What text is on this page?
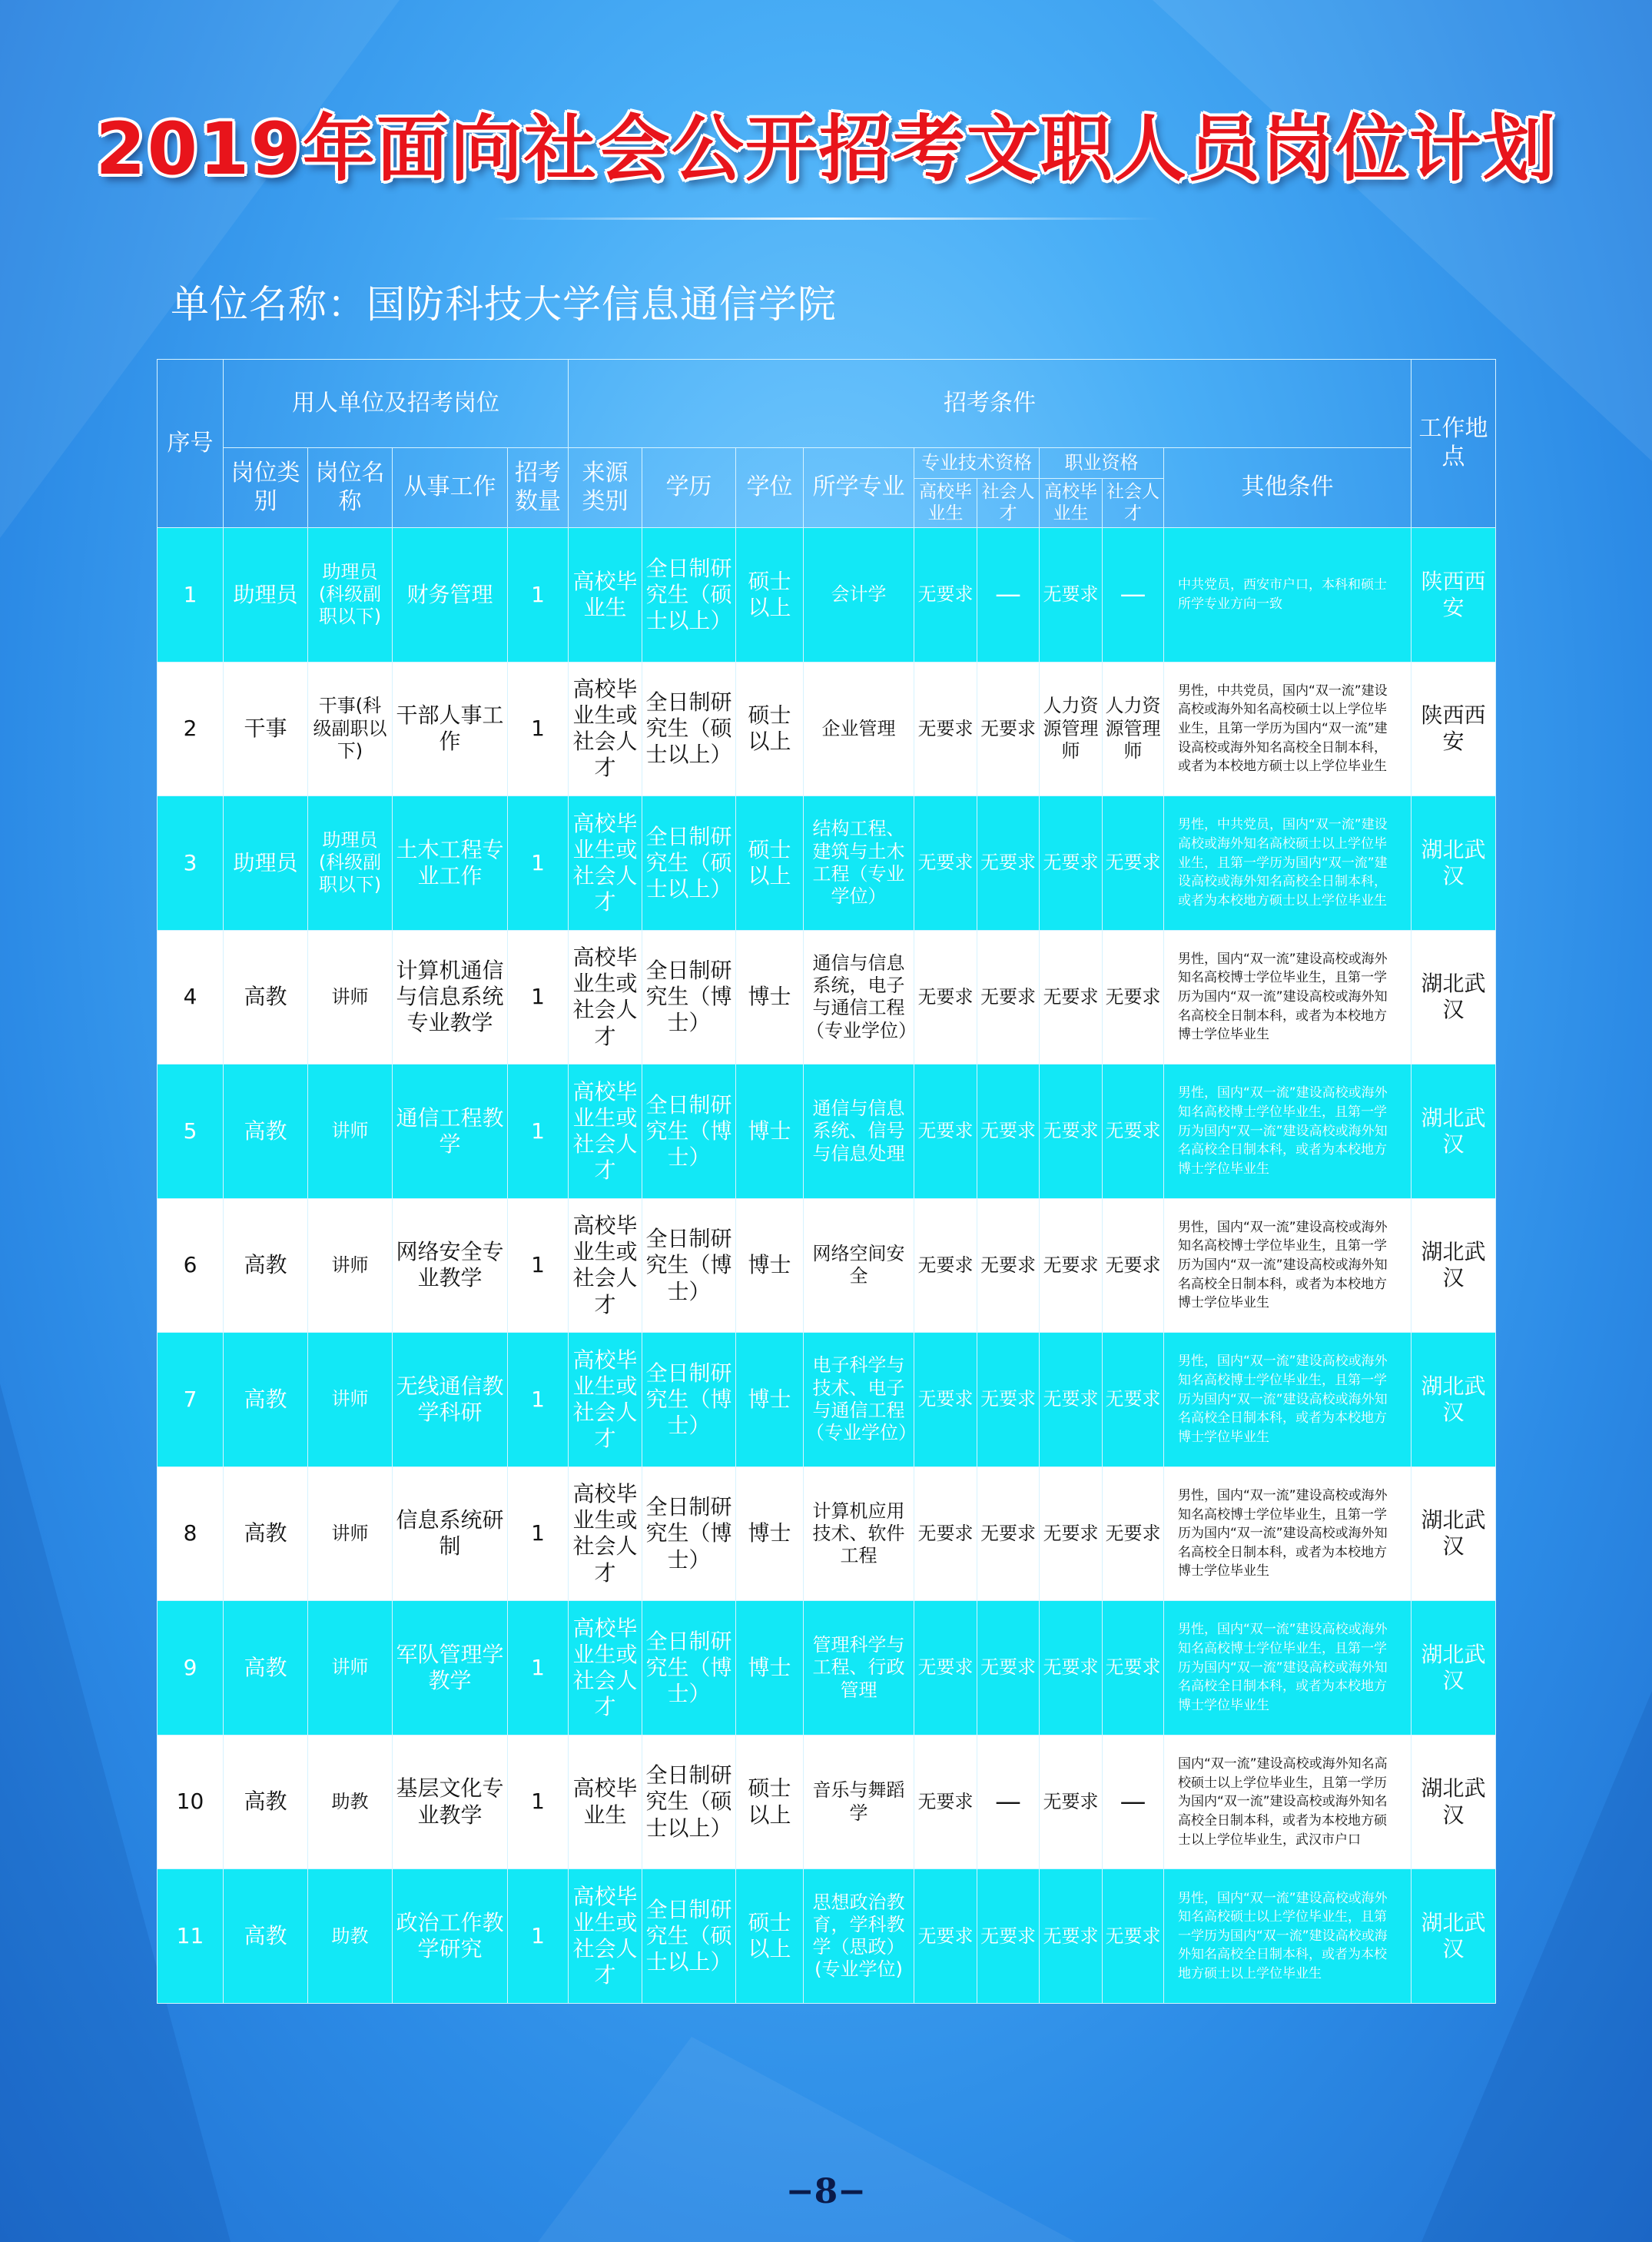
2019年面向社会公开招考文职人员岗位计划
单位名称：国防科技大学信息通信学院
序号	用人单位及招考岗位				招考条件									工作地点
	岗位类别	岗位名称	从事工作	招考数量	来源类别	学历	学位	所学专业	专业技术资格		职业资格		其他条件	
									高校毕业生	社会人才	高校毕业生	社会人才		
1	助理员	助理员(科级副职以下)	财务管理	1	高校毕业生	全日制研究生（硕士以上）	硕士以上	会计学	无要求	—	无要求	—	中共党员，西安市户口，本科和硕士所学专业方向一致	陕西西安
2	干事	干事(科级副职以下)	干部人事工作	1	高校毕业生或社会人才	全日制研究生（硕士以上）	硕士以上	企业管理	无要求	无要求	人力资源管理师	人力资源管理师	男性，中共党员，国内“双一流”建设高校或海外知名高校硕士以上学位毕业生，且第一学历为国内“双一流”建设高校或海外知名高校全日制本科，或者为本校地方硕士以上学位毕业生	陕西西安
3	助理员	助理员(科级副职以下)	土木工程专业工作	1	高校毕业生或社会人才	全日制研究生（硕士以上）	硕士以上	结构工程、建筑与土木工程（专业学位）	无要求	无要求	无要求	无要求	男性，中共党员，国内“双一流”建设高校或海外知名高校硕士以上学位毕业生，且第一学历为国内“双一流”建设高校或海外知名高校全日制本科，或者为本校地方硕士以上学位毕业生	湖北武汉
4	高教	讲师	计算机通信与信息系统专业教学	1	高校毕业生或社会人才	全日制研究生（博士）	博士	通信与信息系统，电子与通信工程（专业学位）	无要求	无要求	无要求	无要求	男性，国内“双一流”建设高校或海外知名高校博士学位毕业生，且第一学历为国内“双一流”建设高校或海外知名高校全日制本科，或者为本校地方博士学位毕业生	湖北武汉
5	高教	讲师	通信工程教学	1	高校毕业生或社会人才	全日制研究生（博士）	博士	通信与信息系统、信号与信息处理	无要求	无要求	无要求	无要求	男性，国内“双一流”建设高校或海外知名高校博士学位毕业生，且第一学历为国内“双一流”建设高校或海外知名高校全日制本科，或者为本校地方博士学位毕业生	湖北武汉
6	高教	讲师	网络安全专业教学	1	高校毕业生或社会人才	全日制研究生（博士）	博士	网络空间安全	无要求	无要求	无要求	无要求	男性，国内“双一流”建设高校或海外知名高校博士学位毕业生，且第一学历为国内“双一流”建设高校或海外知名高校全日制本科，或者为本校地方博士学位毕业生	湖北武汉
7	高教	讲师	无线通信教学科研	1	高校毕业生或社会人才	全日制研究生（博士）	博士	电子科学与技术、电子与通信工程（专业学位）	无要求	无要求	无要求	无要求	男性，国内“双一流”建设高校或海外知名高校博士学位毕业生，且第一学历为国内“双一流”建设高校或海外知名高校全日制本科，或者为本校地方博士学位毕业生	湖北武汉
8	高教	讲师	信息系统研制	1	高校毕业生或社会人才	全日制研究生（博士）	博士	计算机应用技术、软件工程	无要求	无要求	无要求	无要求	男性，国内“双一流”建设高校或海外知名高校博士学位毕业生，且第一学历为国内“双一流”建设高校或海外知名高校全日制本科，或者为本校地方博士学位毕业生	湖北武汉
9	高教	讲师	军队管理学教学	1	高校毕业生或社会人才	全日制研究生（博士）	博士	管理科学与工程、行政管理	无要求	无要求	无要求	无要求	男性，国内“双一流”建设高校或海外知名高校博士学位毕业生，且第一学历为国内“双一流”建设高校或海外知名高校全日制本科，或者为本校地方博士学位毕业生	湖北武汉
10	高教	助教	基层文化专业教学	1	高校毕业生	全日制研究生（硕士以上）	硕士以上	音乐与舞蹈学	无要求	—	无要求	—	国内“双一流”建设高校或海外知名高校硕士以上学位毕业生，且第一学历为国内“双一流”建设高校或海外知名高校全日制本科，或者为本校地方硕士以上学位毕业生，武汉市户口	湖北武汉
11	高教	助教	政治工作教学研究	1	高校毕业生或社会人才	全日制研究生（硕士以上）	硕士以上	思想政治教育，学科教学（思政）(专业学位)	无要求	无要求	无要求	无要求	男性，国内“双一流”建设高校或海外知名高校硕士以上学位毕业生，且第一学历为国内“双一流”建设高校或海外知名高校全日制本科，或者为本校地方硕士以上学位毕业生	湖北武汉
−8−
